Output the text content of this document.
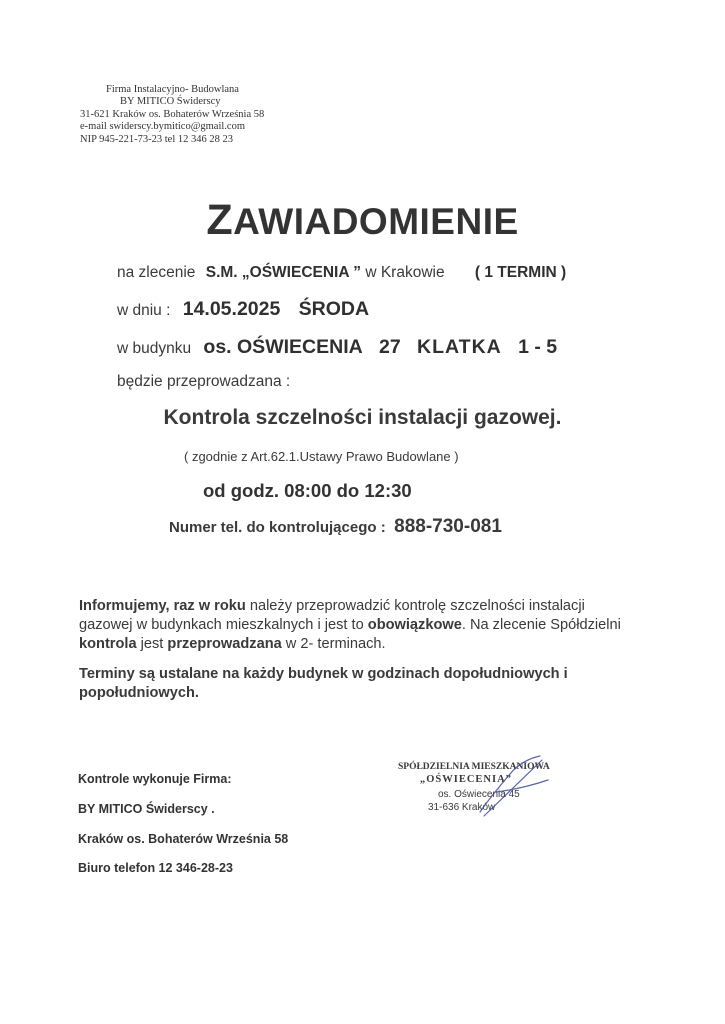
Firma Instalacyjno- Budowlana
BY MITICO Świderscy
31-621 Kraków os. Bohaterów Września 58
e-mail swiderscy.bymitico@gmail.com
NIP 945-221-73-23 tel 12 346 28 23
ZAWIADOMIENIE
na zlecenie S.M. „OŚWIECENIA ” w Krakowie ( 1 TERMIN )
w dniu : 14.05.2025 ŚRODA
w budynku os. OŚWIECENIA 27 KLATKA 1 - 5
będzie przeprowadzana :
Kontrola szczelności instalacji gazowej.
( zgodnie z Art.62.1.Ustawy Prawo Budowlane )
od godz. 08:00 do 12:30
Numer tel. do kontrolującego : 888-730-081
Informujemy, raz w roku należy przeprowadzić kontrolę szczelności instalacji gazowej w budynkach mieszkalnych i jest to obowiązkowe. Na zlecenie Spółdzielni kontrola jest przeprowadzana w 2- terminach.
Terminy są ustalane na każdy budynek w godzinach dopołudniowych i popołudniowych.
Kontrole wykonuje Firma:
BY MITICO Świderscy .
Kraków os. Bohaterów Września 58
Biuro telefon 12 346-28-23
SPÓŁDZIELNIA MIESZKANIOWA
„OŚWIECENIA”
os. Oświecenia 45
31-636 Kraków
